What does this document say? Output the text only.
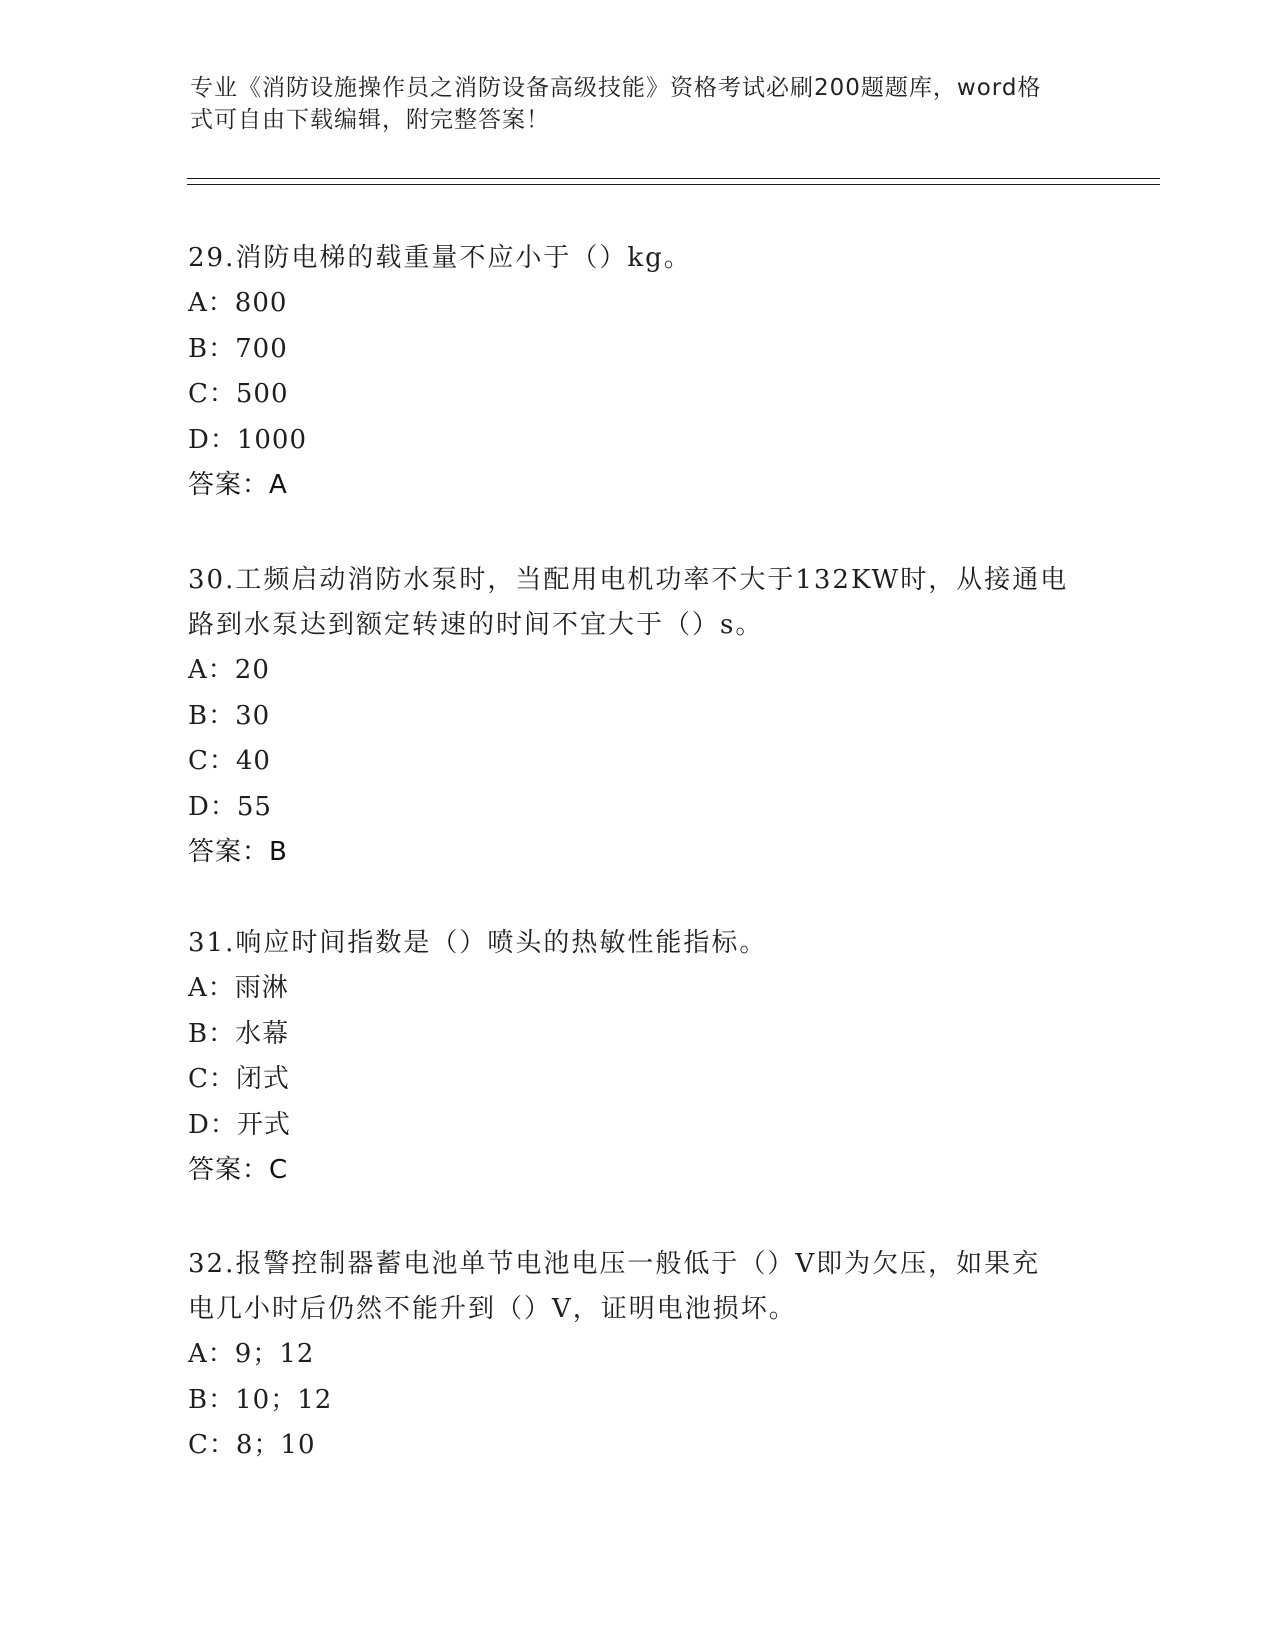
专业《消防设施操作员之消防设备高级技能》资格考试必刷200题题库，word格
式可自由下载编辑，附完整答案！
29.消防电梯的载重量不应小于（）kg。
A：800
B：700
C：500
D：1000
答案：A
30.工频启动消防水泵时，当配用电机功率不大于132KW时，从接通电
路到水泵达到额定转速的时间不宜大于（）s。
A：20
B：30
C：40
D：55
答案：B
31.响应时间指数是（）喷头的热敏性能指标。
A：雨淋
B：水幕
C：闭式
D：开式
答案：C
32.报警控制器蓄电池单节电池电压一般低于（）V即为欠压，如果充
电几小时后仍然不能升到（）V，证明电池损坏。
A：9；12
B：10；12
C：8；10
